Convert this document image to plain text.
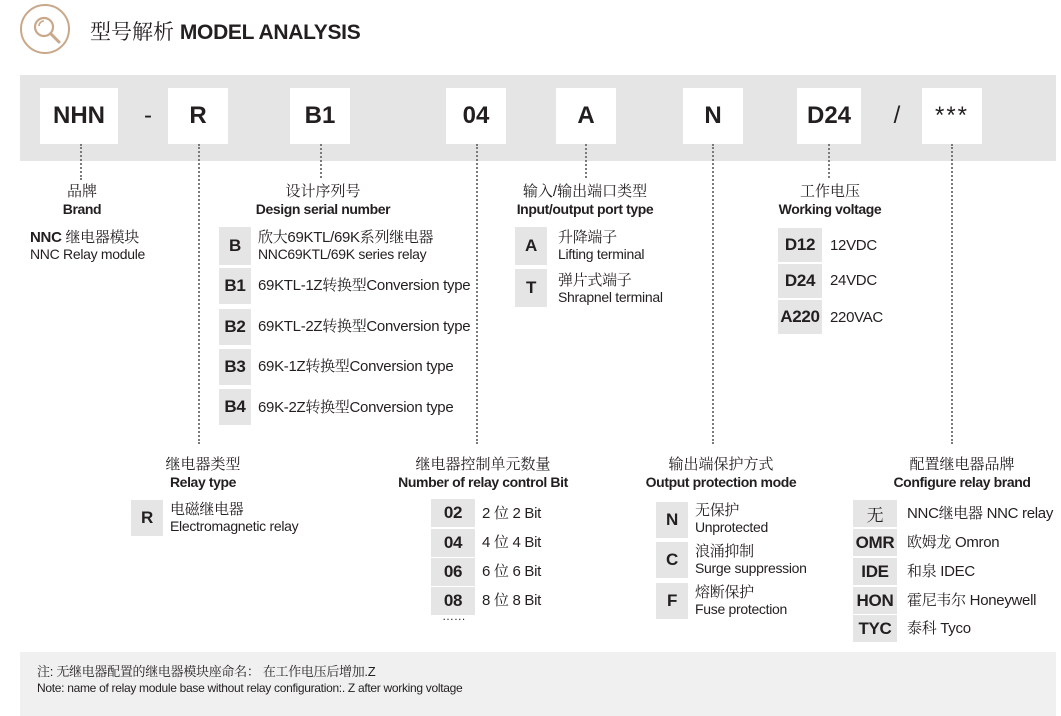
型号解析 MODEL ANALYSIS
NHN	-	R	B1	04	A	N	D24	/	***
品牌
Brand
NNC 继电器模块
NNC Relay module
设计序列号
Design serial number
B	欣大69KTL/69K系列继电器
NNC69KTL/69K series relay
B1 69KTL-1Z转换型Conversion type
B2 69KTL-2Z转换型Conversion type
B3 69K-1Z转换型Conversion type
B4 69K-2Z转换型Conversion type
输入/输出端口类型
Input/output port type
A	升降端子
Lifting terminal
T	弹片式端子
Shrapnel terminal
工作电压
Working voltage
D12 12VDC
D24 24VDC
A220 220VAC
继电器类型
Relay type
R	电磁继电器
Electromagnetic relay
继电器控制单元数量
Number of relay control Bit
02	2 位 2 Bit
04	4 位 4 Bit
06	6 位 6 Bit
08	8 位 8 Bit
……
输出端保护方式
Output protection mode
N	无保护
Unprotected
C	浪涌抑制
Surge suppression
F	熔断保护
Fuse protection
配置继电器品牌
Configure relay brand
无	NNC继电器 NNC relay
OMR 欧姆龙 Omron
IDE	和泉 IDEC
HON 霍尼韦尔 Honeywell
TYC	泰科 Tyco
注: 无继电器配置的继电器模块座命名： 在工作电压后增加.Z
Note: name of relay module base without relay configuration:. Z after working voltage
